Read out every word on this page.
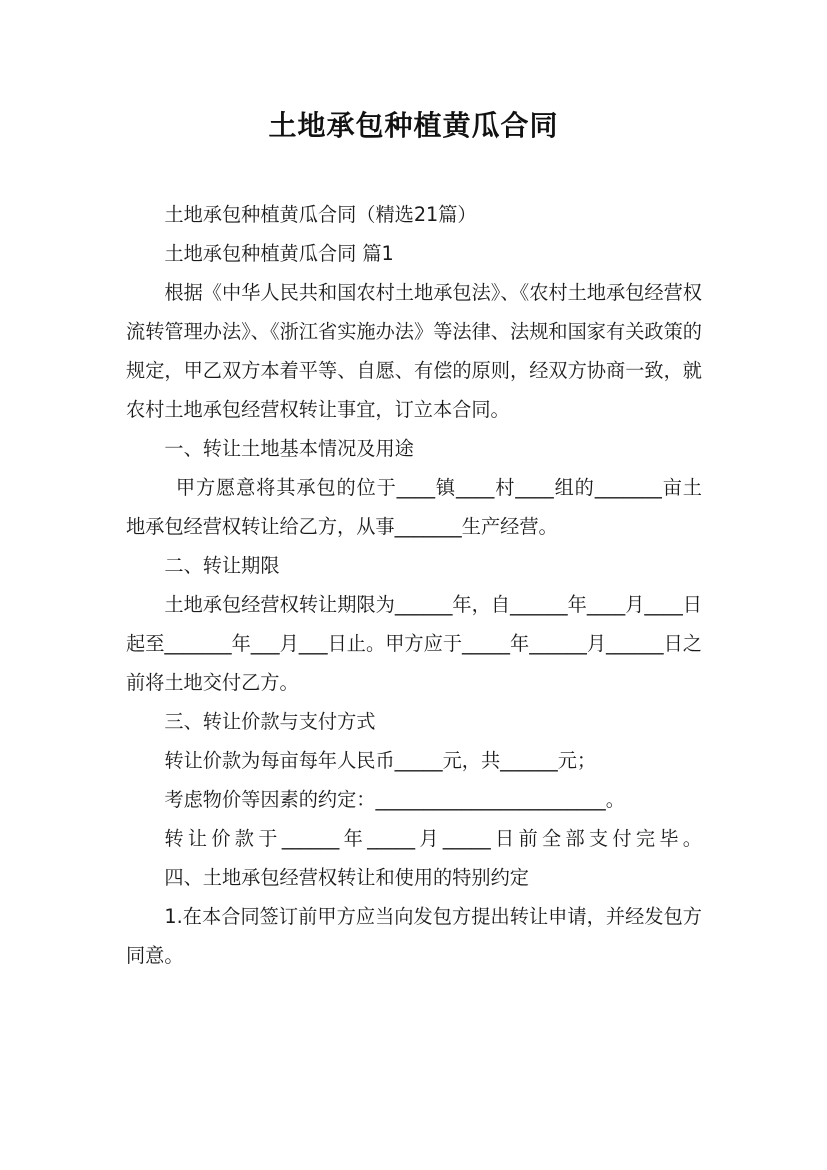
土地承包种植黄瓜合同

土地承包种植黄瓜合同（精选21篇）

土地承包种植黄瓜合同 篇1

根据《中华人民共和国农村土地承包法》、《农村土地承包经营权流转管理办法》、《浙江省实施办法》等法律、法规和国家有关政策的规定，甲乙双方本着平等、自愿、有偿的原则，经双方协商一致，就农村土地承包经营权转让事宜，订立本合同。

一、转让土地基本情况及用途

甲方愿意将其承包的位于____镇____村____组的_______亩土地承包经营权转让给乙方，从事_______生产经营。

二、转让期限

土地承包经营权转让期限为______年，自______年____月____日起至_______年___月___日止。甲方应于_____年______月______日之前将土地交付乙方。

三、转让价款与支付方式

转让价款为每亩每年人民币_____元，共______元；

考虑物价等因素的约定：________________________。

转让价款于______年_____月_____日前全部支付完毕。

四、土地承包经营权转让和使用的特别约定

1.在本合同签订前甲方应当向发包方提出转让申请，并经发包方同意。
